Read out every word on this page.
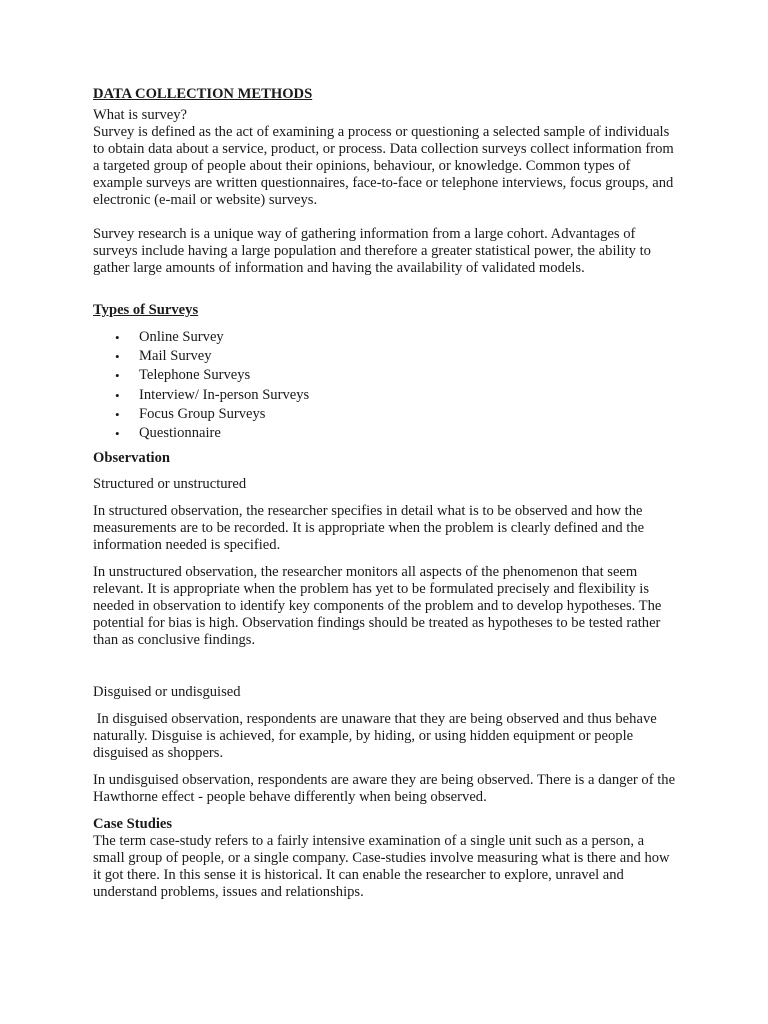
DATA COLLECTION METHODS

What is survey?

Survey is defined as the act of examining a process or questioning a selected sample of individuals to obtain data about a service, product, or process. Data collection surveys collect information from a targeted group of people about their opinions, behaviour, or knowledge. Common types of example surveys are written questionnaires, face-to-face or telephone interviews, focus groups, and electronic (e-mail or website) surveys.

Survey research is a unique way of gathering information from a large cohort. Advantages of surveys include having a large population and therefore a greater statistical power, the ability to gather large amounts of information and having the availability of validated models.

Types of Surveys

• Online Survey
• Mail Survey
• Telephone Surveys
• Interview/ In-person Surveys
• Focus Group Surveys
• Questionnaire

Observation

Structured or unstructured

In structured observation, the researcher specifies in detail what is to be observed and how the measurements are to be recorded. It is appropriate when the problem is clearly defined and the information needed is specified.

In unstructured observation, the researcher monitors all aspects of the phenomenon that seem relevant. It is appropriate when the problem has yet to be formulated precisely and flexibility is needed in observation to identify key components of the problem and to develop hypotheses. The potential for bias is high. Observation findings should be treated as hypotheses to be tested rather than as conclusive findings.

Disguised or undisguised

In disguised observation, respondents are unaware that they are being observed and thus behave naturally. Disguise is achieved, for example, by hiding, or using hidden equipment or people disguised as shoppers.

In undisguised observation, respondents are aware they are being observed. There is a danger of the Hawthorne effect - people behave differently when being observed.

Case Studies

The term case-study refers to a fairly intensive examination of a single unit such as a person, a small group of people, or a single company. Case-studies involve measuring what is there and how it got there. In this sense it is historical. It can enable the researcher to explore, unravel and understand problems, issues and relationships.
